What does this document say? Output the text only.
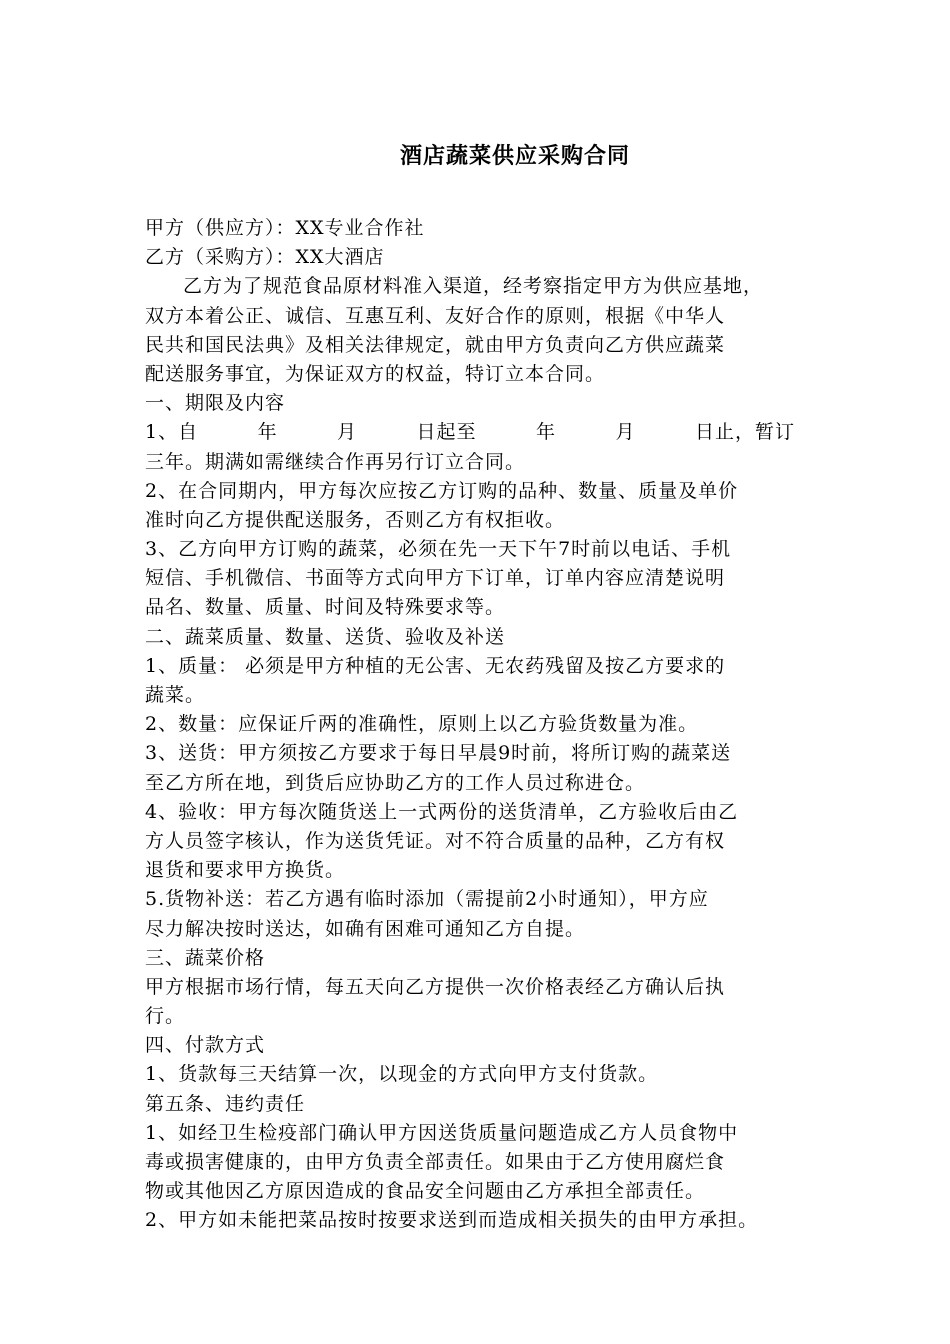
酒店蔬菜供应采购合同
甲方（供应方）：XX专业合作社
乙方（采购方）：XX大酒店
乙方为了规范食品原材料准入渠道，经考察指定甲方为供应基地，
双方本着公正、诚信、互惠互利、友好合作的原则，根据《中华人
民共和国民法典》及相关法律规定，就由甲方负责向乙方供应蔬菜
配送服务事宜，为保证双方的权益，特订立本合同。
一、期限及内容
1、自	年	月	日起至	年	月	日止，暂订
三年。期满如需继续合作再另行订立合同。
2、在合同期内，甲方每次应按乙方订购的品种、数量、质量及单价
准时向乙方提供配送服务，否则乙方有权拒收。
3、乙方向甲方订购的蔬菜，必须在先一天下午7时前以电话、手机
短信、手机微信、书面等方式向甲方下订单，订单内容应清楚说明
品名、数量、质量、时间及特殊要求等。
二、蔬菜质量、数量、送货、验收及补送
1、质量： 必须是甲方种植的无公害、无农药残留及按乙方要求的
蔬菜。
2、数量：应保证斤两的准确性，原则上以乙方验货数量为准。
3、送货：甲方须按乙方要求于每日早晨9时前，将所订购的蔬菜送
至乙方所在地，到货后应协助乙方的工作人员过称进仓。
4、验收：甲方每次随货送上一式两份的送货清单，乙方验收后由乙
方人员签字核认，作为送货凭证。对不符合质量的品种，乙方有权
退货和要求甲方换货。
5.货物补送：若乙方遇有临时添加（需提前2小时通知），甲方应
尽力解决按时送达，如确有困难可通知乙方自提。
三、蔬菜价格
甲方根据市场行情，每五天向乙方提供一次价格表经乙方确认后执
行。
四、付款方式
1、货款每三天结算一次，以现金的方式向甲方支付货款。
第五条、违约责任
1、如经卫生检疫部门确认甲方因送货质量问题造成乙方人员食物中
毒或损害健康的，由甲方负责全部责任。如果由于乙方使用腐烂食
物或其他因乙方原因造成的食品安全问题由乙方承担全部责任。
2、甲方如未能把菜品按时按要求送到而造成相关损失的由甲方承担。
